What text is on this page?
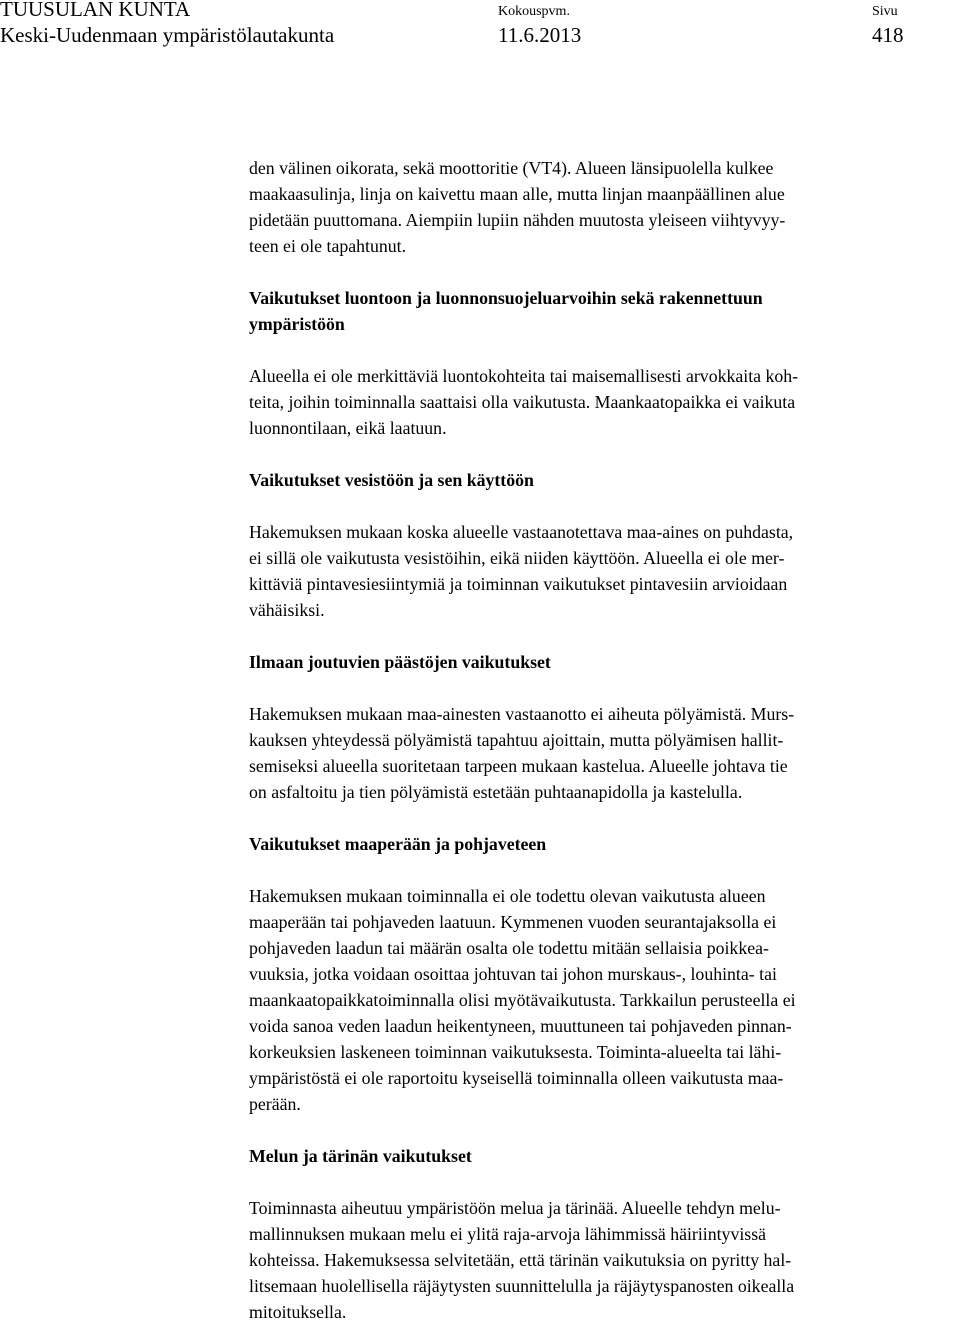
TUUSULAN KUNTA
Keski-Uudenmaan ympäristölautakunta
Kokouspvm.
11.6.2013
Sivu
418

den välinen oikorata, sekä moottoritie (VT4). Alueen länsipuolella kulkee
maakaasulinja, linja on kaivettu maan alle, mutta linjan maanpäällinen alue
pidetään puuttomana. Aiempiin lupiin nähden muutosta yleiseen viihtyvyy-
teen ei ole tapahtunut.

Vaikutukset luontoon ja luonnonsuojeluarvoihin sekä rakennettuun
ympäristöön

Alueella ei ole merkittäviä luontokohteita tai maisemallisesti arvokkaita koh-
teita, joihin toiminnalla saattaisi olla vaikutusta. Maankaatopaikka ei vaikuta
luonnontilaan, eikä laatuun.

Vaikutukset vesistöön ja sen käyttöön

Hakemuksen mukaan koska alueelle vastaanotettava maa-aines on puhdasta,
ei sillä ole vaikutusta vesistöihin, eikä niiden käyttöön. Alueella ei ole mer-
kittäviä pintavesiesiintymiä ja toiminnan vaikutukset pintavesiin arvioidaan
vähäisiksi.

Ilmaan joutuvien päästöjen vaikutukset

Hakemuksen mukaan maa-ainesten vastaanotto ei aiheuta pölyämistä. Murs-
kauksen yhteydessä pölyämistä tapahtuu ajoittain, mutta pölyämisen hallit-
semiseksi alueella suoritetaan tarpeen mukaan kastelua. Alueelle johtava tie
on asfaltoitu ja tien pölyämistä estetään puhtaanapidolla ja kastelulla.

Vaikutukset maaperään ja pohjaveteen

Hakemuksen mukaan toiminnalla ei ole todettu olevan vaikutusta alueen
maaperään tai pohjaveden laatuun. Kymmenen vuoden seurantajaksolla ei
pohjaveden laadun tai määrän osalta ole todettu mitään sellaisia poikkea-
vuuksia, jotka voidaan osoittaa johtuvan tai johon murskaus-, louhinta- tai
maankaatopaikkatoiminnalla olisi myötävaikutusta. Tarkkailun perusteella ei
voida sanoa veden laadun heikentyneen, muuttuneen tai pohjaveden pinnan-
korkeuksien laskeneen toiminnan vaikutuksesta. Toiminta-alueelta tai lähi-
ympäristöstä ei ole raportoitu kyseisellä toiminnalla olleen vaikutusta maa-
perään.

Melun ja tärinän vaikutukset

Toiminnasta aiheutuu ympäristöön melua ja tärinää. Alueelle tehdyn melu-
mallinnuksen mukaan melu ei ylitä raja-arvoja lähimmissä häiriintyvissä
kohteissa. Hakemuksessa selvitetään, että tärinän vaikutuksia on pyritty hal-
litsemaan huolellisella räjäytysten suunnittelulla ja räjäytyspanosten oikealla
mitoituksella.
